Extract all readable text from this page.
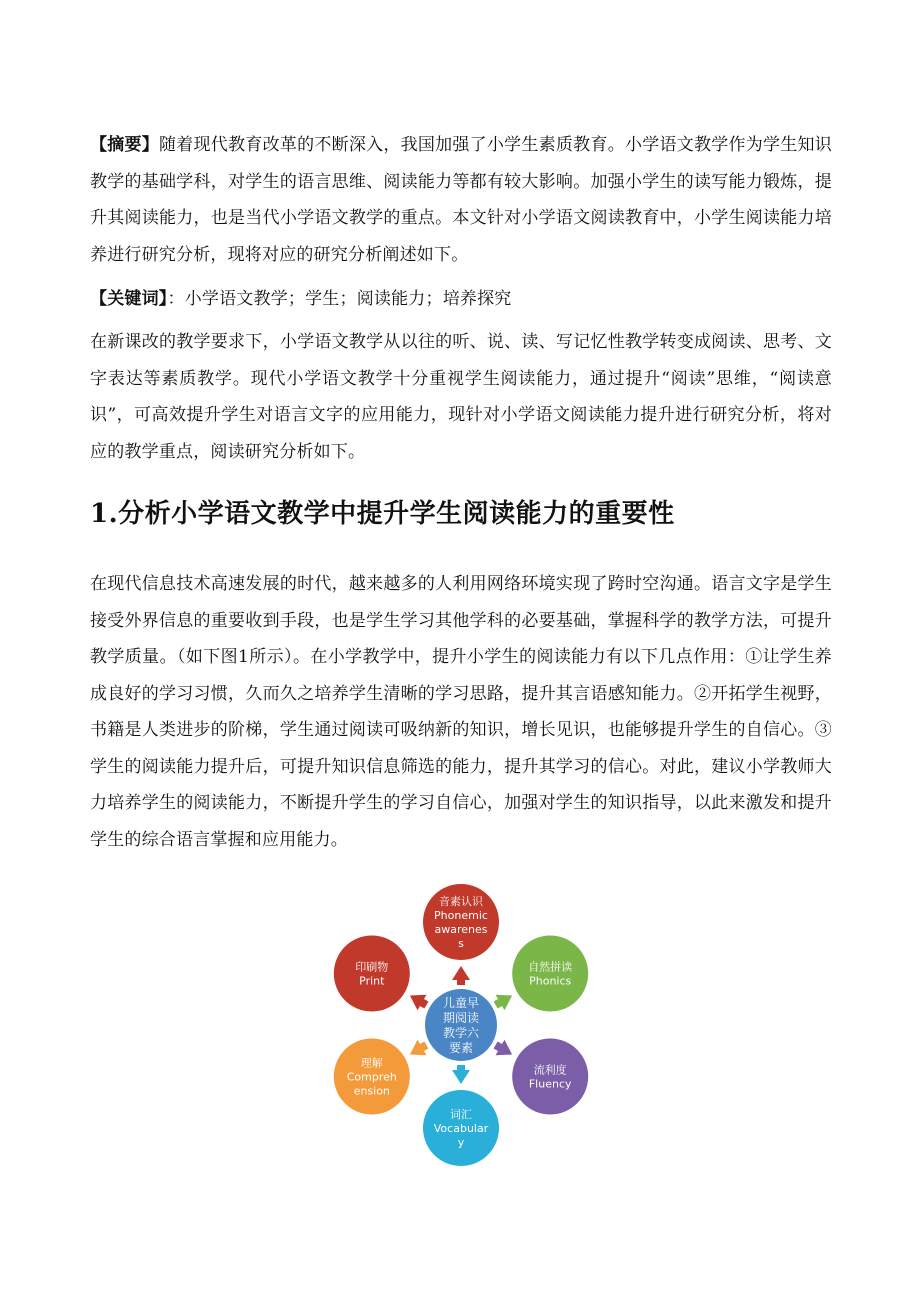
【摘要】随着现代教育改革的不断深入，我国加强了小学生素质教育。小学语文教学作为学生知识教学的基础学科，对学生的语言思维、阅读能力等都有较大影响。加强小学生的读写能力锻炼，提升其阅读能力，也是当代小学语文教学的重点。本文针对小学语文阅读教育中，小学生阅读能力培养进行研究分析，现将对应的研究分析阐述如下。

【关键词】：小学语文教学；学生；阅读能力；培养探究

在新课改的教学要求下，小学语文教学从以往的听、说、读、写记忆性教学转变成阅读、思考、文字表达等素质教学。现代小学语文教学十分重视学生阅读能力，通过提升“阅读”思维，“阅读意识”，可高效提升学生对语言文字的应用能力，现针对小学语文阅读能力提升进行研究分析，将对应的教学重点，阅读研究分析如下。

1.分析小学语文教学中提升学生阅读能力的重要性

在现代信息技术高速发展的时代，越来越多的人利用网络环境实现了跨时空沟通。语言文字是学生接受外界信息的重要收到手段，也是学生学习其他学科的必要基础，掌握科学的教学方法，可提升教学质量。（如下图1所示）。在小学教学中，提升小学生的阅读能力有以下几点作用：①让学生养成良好的学习习惯，久而久之培养学生清晰的学习思路，提升其言语感知能力。②开拓学生视野，书籍是人类进步的阶梯，学生通过阅读可吸纳新的知识，增长见识，也能够提升学生的自信心。③学生的阅读能力提升后，可提升知识信息筛选的能力，提升其学习的信心。对此，建议小学教师大力培养学生的阅读能力，不断提升学生的学习自信心，加强对学生的知识指导，以此来激发和提升学生的综合语言掌握和应用能力。

音素认识
Phonemic
awarenes
s
自然拼读
Phonics
流利度
Fluency
词汇
Vocabular
y
理解
Compreh
ension
印刷物
Print
儿童早
期阅读
教学六
要素
